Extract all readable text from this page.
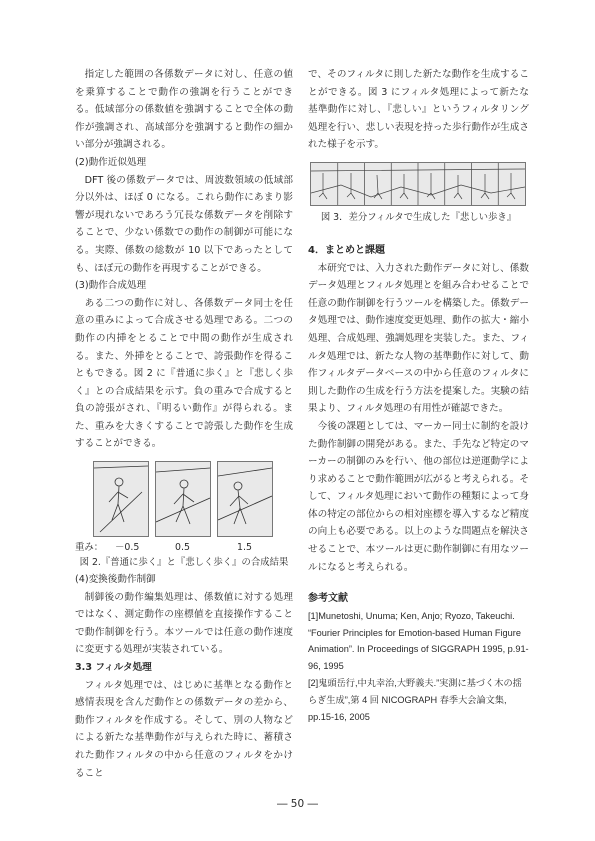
指定した範囲の各係数データに対し、任意の値を乗算することで動作の強調を行うことができる。低域部分の係数値を強調することで全体の動作が強調され、高域部分を強調すると動作の細かい部分が強調される。

(2)動作近似処理

DFT 後の係数データでは、周波数領域の低域部分以外は、ほぼ 0 になる。これら動作にあまり影響が現れないであろう冗長な係数データを削除することで、少ない係数での動作の制御が可能になる。実際、係数の総数が 10 以下であったとしても、ほぼ元の動作を再現することができる。

(3)動作合成処理

ある二つの動作に対し、各係数データ同士を任意の重みによって合成させる処理である。二つの動作の内挿をとることで中間の動作が生成される。また、外挿をとることで、誇張動作を得ることもできる。図 2 に『普通に歩く』と『悲しく歩く』との合成結果を示す。負の重みで合成すると負の誇張がされ、『明るい動作』が得られる。また、重みを大きくすることで誇張した動作を生成することができる。

重み： －0.5	0.5	1.5
図 2.『普通に歩く』と『悲しく歩く』の合成結果
(4)変換後動作制御

制御後の動作編集処理は、係数値に対する処理ではなく、測定動作の座標値を直接操作することで動作制御を行う。本ツールでは任意の動作速度に変更する処理が実装されている。

3.3 フィルタ処理

フィルタ処理では、はじめに基準となる動作と感情表現を含んだ動作との係数データの差から、動作フィルタを作成する。そして、別の人物などによる新たな基準動作が与えられた時に、蓄積された動作フィルタの中から任意のフィルタをかけること

で、そのフィルタに則した新たな動作を生成することができる。図 3 にフィルタ処理によって新たな基準動作に対し、『悲しい』というフィルタリング処理を行い、悲しい表現を持った歩行動作が生成された様子を示す。

図 3．差分フィルタで生成した『悲しい歩き』
4．まとめと課題

本研究では、入力された動作データに対し、係数データ処理とフィルタ処理とを組み合わせることで任意の動作制御を行うツールを構築した。係数データ処理では、動作速度変更処理、動作の拡大・縮小処理、合成処理、強調処理を実装した。また、フィルタ処理では、新たな人物の基準動作に対して、動作フィルタデータベースの中から任意のフィルタに則した動作の生成を行う方法を提案した。実験の結果より、フィルタ処理の有用性が確認できた。

今後の課題としては、マーカー同士に制約を設けた動作制御の開発がある。また、手先など特定のマーカーの制御のみを行い、他の部位は逆運動学により求めることで動作範囲が広がると考えられる。そして、フィルタ処理において動作の種類によって身体の特定の部位からの相対座標を導入するなど精度の向上も必要である。以上のような問題点を解決させることで、本ツールは更に動作制御に有用なツールになると考えられる。

参考文献
[1]Munetoshi, Unuma; Ken, Anjo; Ryozo, Takeuchi. “Fourier Principles for Emotion-based Human Figure Animation”. In Proceedings of SIGGRAPH 1995, p.91-96, 1995
[2]鬼頭岳行,中丸幸治,大野義夫.”実測に基づく木の揺らぎ生成”,第 4 回 NICOGRAPH 春季大会論文集, pp.15-16, 2005
― 50 ―
